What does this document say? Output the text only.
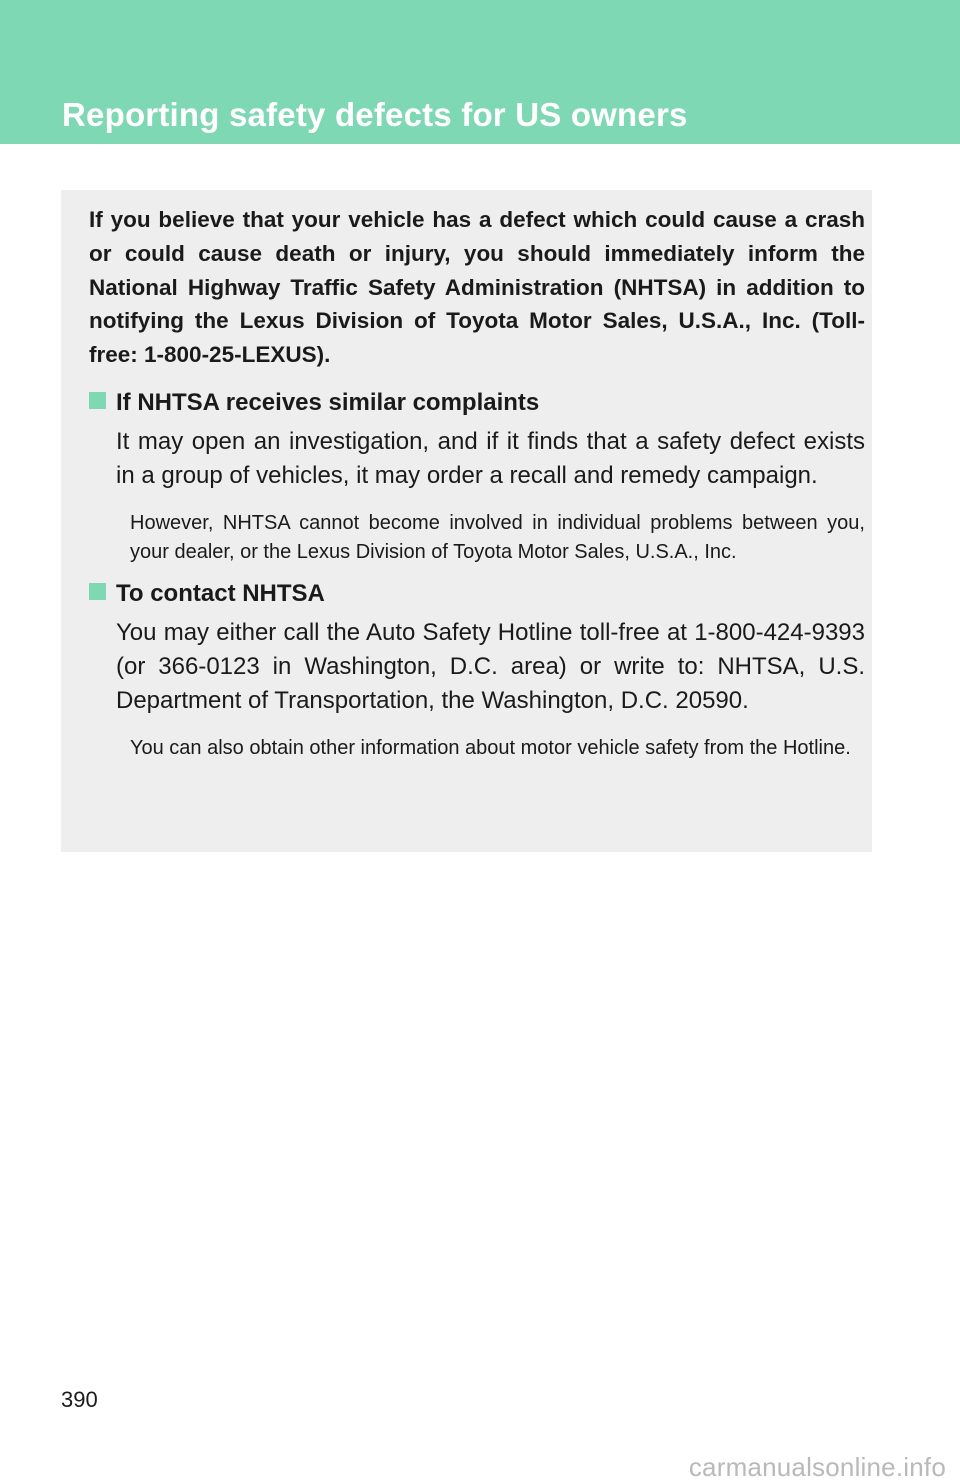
Reporting safety defects for US owners

If you believe that your vehicle has a defect which could cause a crash or could cause death or injury, you should immediately inform the National Highway Traffic Safety Administration (NHTSA) in addition to notifying the Lexus Division of Toyota Motor Sales, U.S.A., Inc. (Toll-free: 1-800-25-LEXUS).

If NHTSA receives similar complaints

It may open an investigation, and if it finds that a safety defect exists in a group of vehicles, it may order a recall and remedy campaign.

However, NHTSA cannot become involved in individual problems between you, your dealer, or the Lexus Division of Toyota Motor Sales, U.S.A., Inc.

To contact NHTSA

You may either call the Auto Safety Hotline toll-free at 1-800-424-9393 (or 366-0123 in Washington, D.C. area) or write to: NHTSA, U.S. Department of Transportation, the Washington, D.C. 20590.

You can also obtain other information about motor vehicle safety from the Hotline.

390

carmanualsonline.info
